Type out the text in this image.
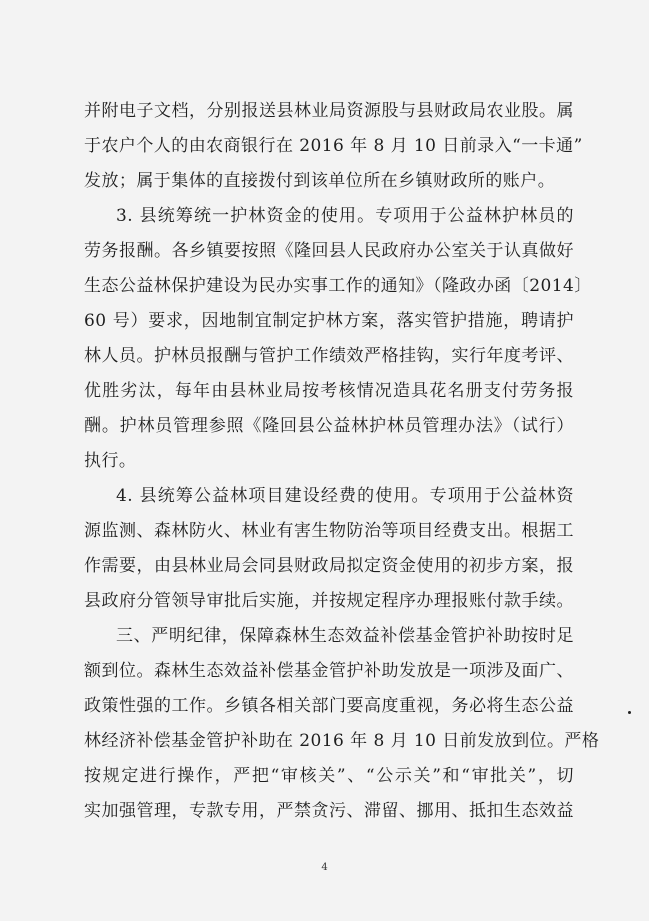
并附电子文档，分别报送县林业局资源股与县财政局农业股。属
于农户个人的由农商银行在 2016 年 8 月 10 日前录入“一卡通”
发放；属于集体的直接拨付到该单位所在乡镇财政所的账户。
3. 县统筹统一护林资金的使用。专项用于公益林护林员的
劳务报酬。各乡镇要按照《隆回县人民政府办公室关于认真做好
生态公益林保护建设为民办实事工作的通知》（隆政办函〔2014〕
60 号）要求，因地制宜制定护林方案，落实管护措施，聘请护
林人员。护林员报酬与管护工作绩效严格挂钩，实行年度考评、
优胜劣汰，每年由县林业局按考核情况造具花名册支付劳务报
酬。护林员管理参照《隆回县公益林护林员管理办法》（试行）
执行。
4. 县统筹公益林项目建设经费的使用。专项用于公益林资
源监测、森林防火、林业有害生物防治等项目经费支出。根据工
作需要，由县林业局会同县财政局拟定资金使用的初步方案，报
县政府分管领导审批后实施，并按规定程序办理报账付款手续。
三、严明纪律，保障森林生态效益补偿基金管护补助按时足
额到位。森林生态效益补偿基金管护补助发放是一项涉及面广、
政策性强的工作。乡镇各相关部门要高度重视，务必将生态公益
林经济补偿基金管护补助在 2016 年 8 月 10 日前发放到位。严格
按规定进行操作，严把“审核关”、“公示关”和“审批关”，切
实加强管理，专款专用，严禁贪污、滞留、挪用、抵扣生态效益
4
